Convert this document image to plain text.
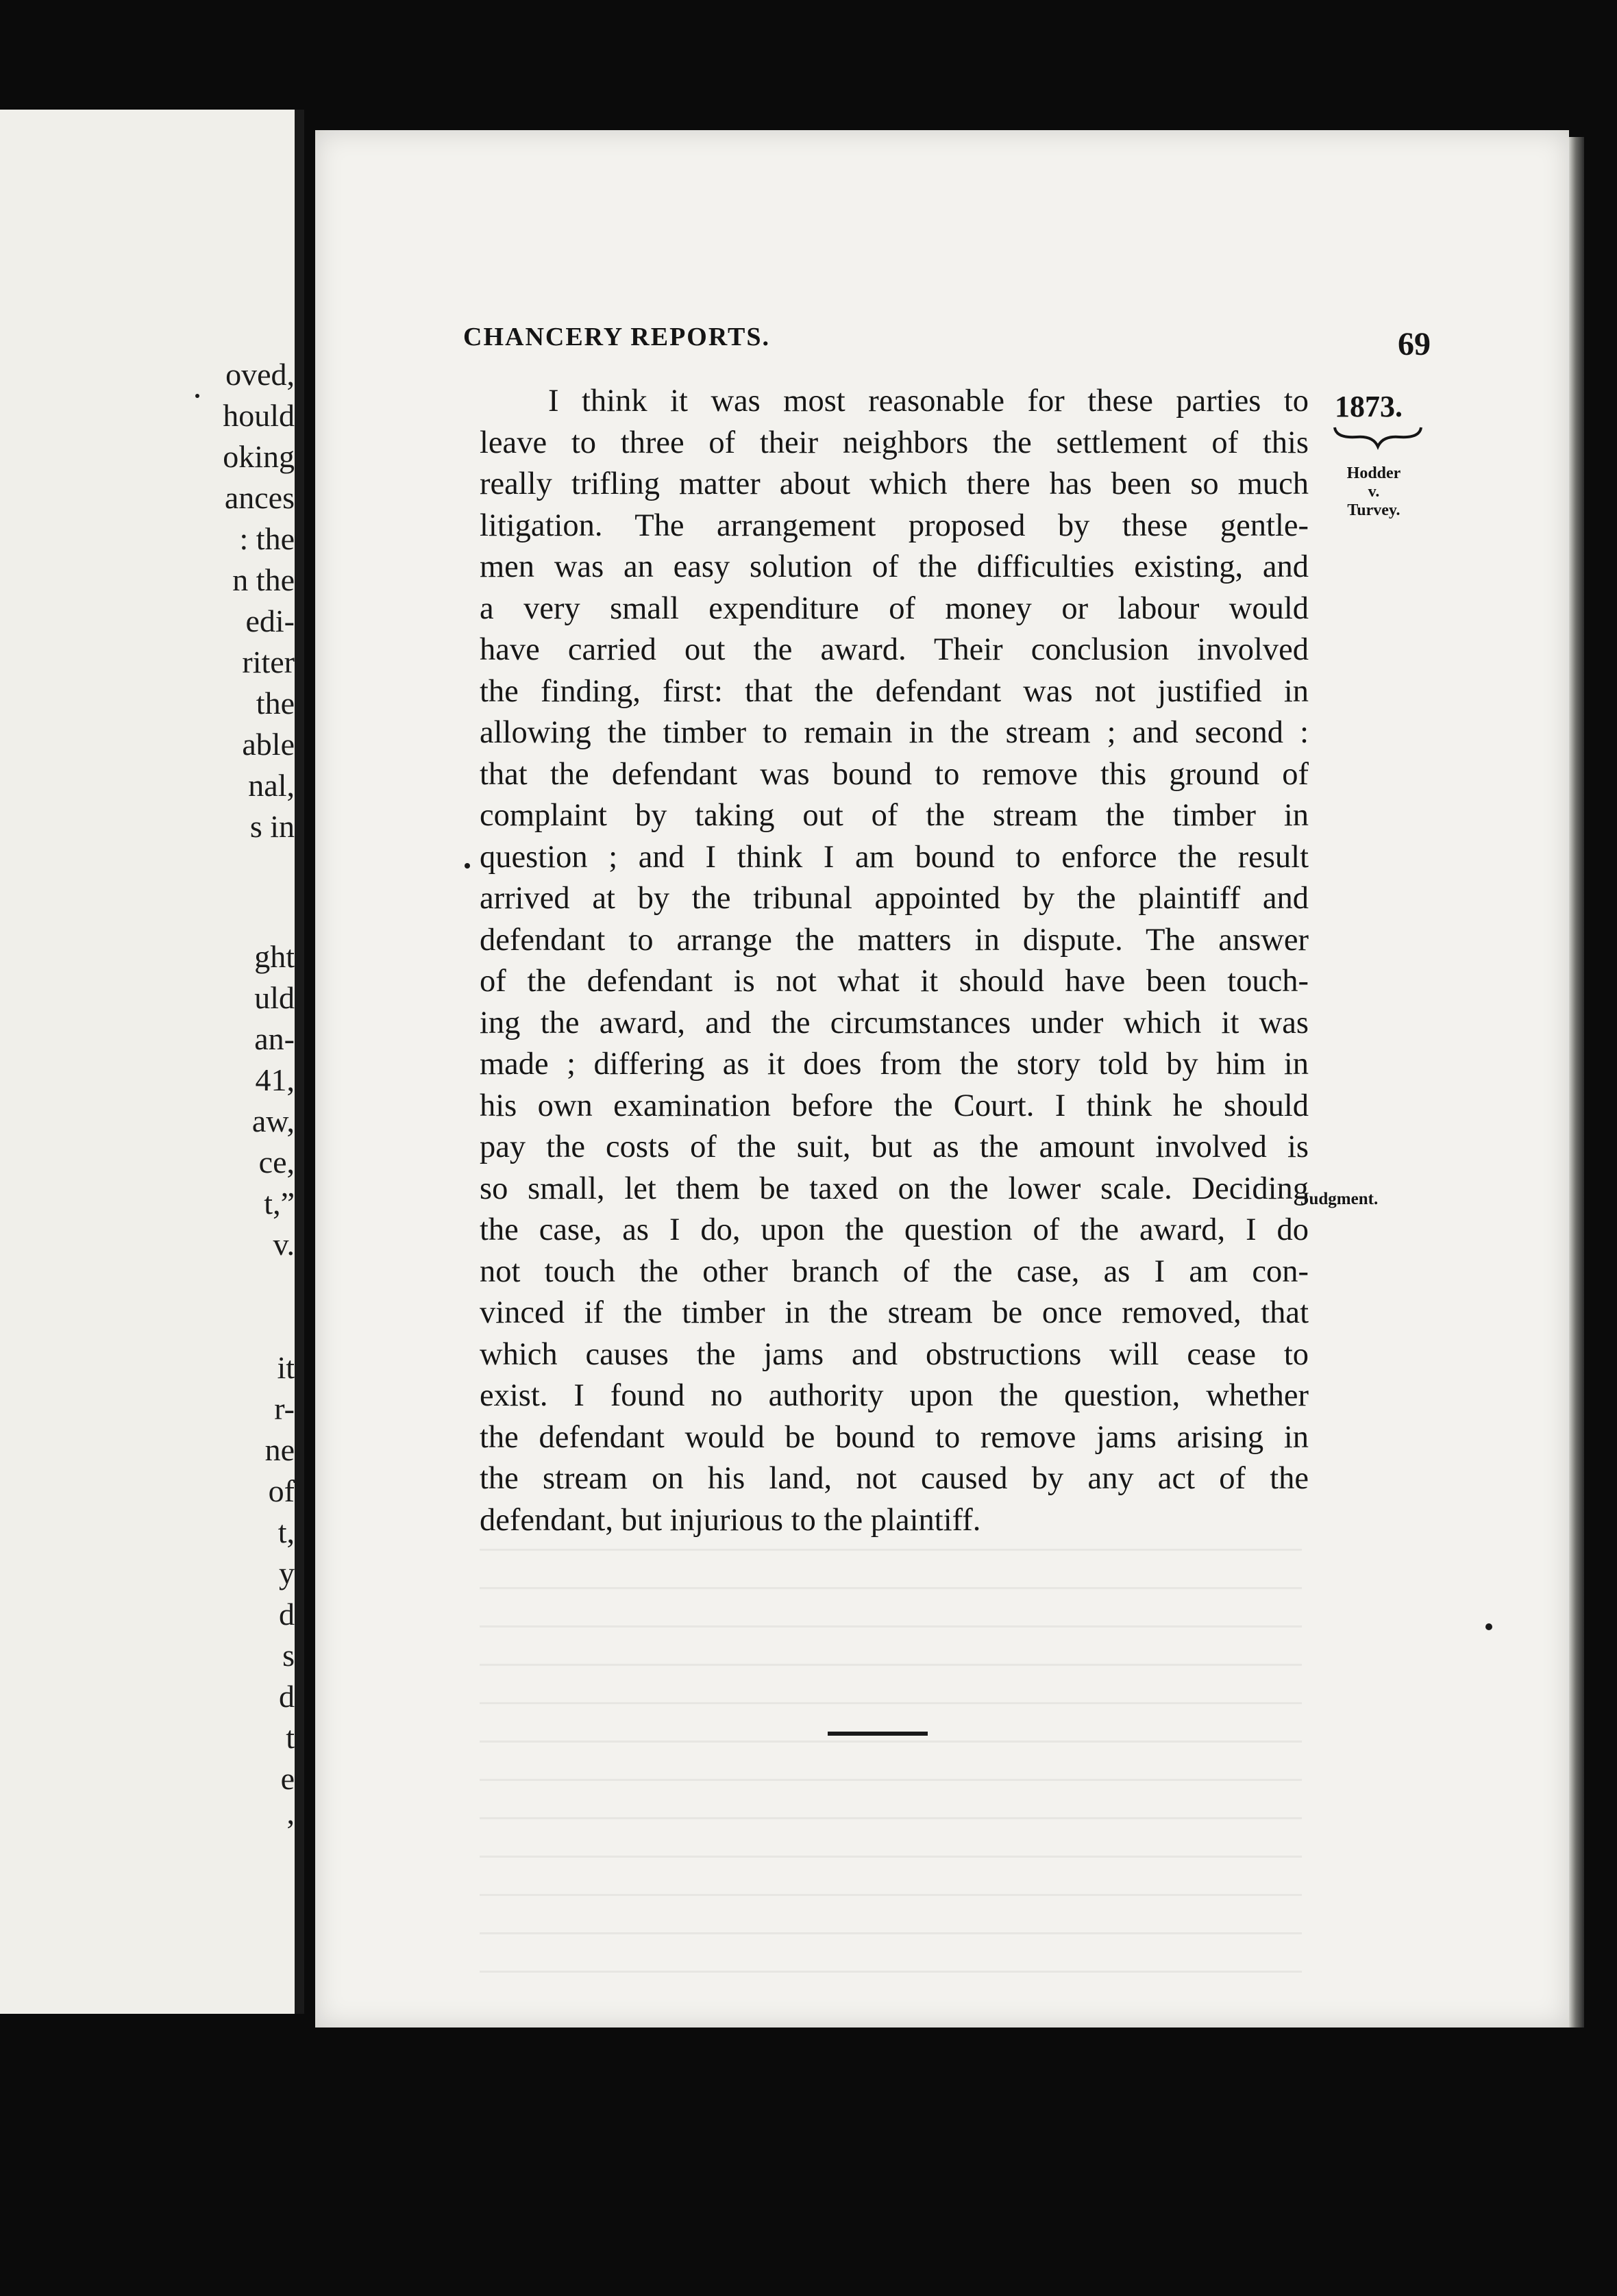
oved,
hould
oking
ances
: the
n the
edi-
riter
the
able
nal,
s in
ght
uld
an-
41,
aw,
ce,
t,”
v.
it
r-
ne
of
t,
y
d
s
d
t
e
,
CHANCERY REPORTS.	69
1873.
Hodder
v.
Turvey.
Judgment.
I think it was most reasonable for these parties to
leave to three of their neighbors the settlement of this
really trifling matter about which there has been so much
litigation. The arrangement proposed by these gentle-
men was an easy solution of the difficulties existing, and
a very small expenditure of money or labour would
have carried out the award. Their conclusion involved
the finding, first: that the defendant was not justified in
allowing the timber to remain in the stream ; and second :
that the defendant was bound to remove this ground of
complaint by taking out of the stream the timber in
question ; and I think I am bound to enforce the result
arrived at by the tribunal appointed by the plaintiff and
defendant to arrange the matters in dispute. The answer
of the defendant is not what it should have been touch-
ing the award, and the circumstances under which it was
made ; differing as it does from the story told by him in
his own examination before the Court. I think he should
pay the costs of the suit, but as the amount involved is
so small, let them be taxed on the lower scale. Deciding
the case, as I do, upon the question of the award, I do
not touch the other branch of the case, as I am con-
vinced if the timber in the stream be once removed, that
which causes the jams and obstructions will cease to
exist. I found no authority upon the question, whether
the defendant would be bound to remove jams arising in
the stream on his land, not caused by any act of the
defendant, but injurious to the plaintiff.
